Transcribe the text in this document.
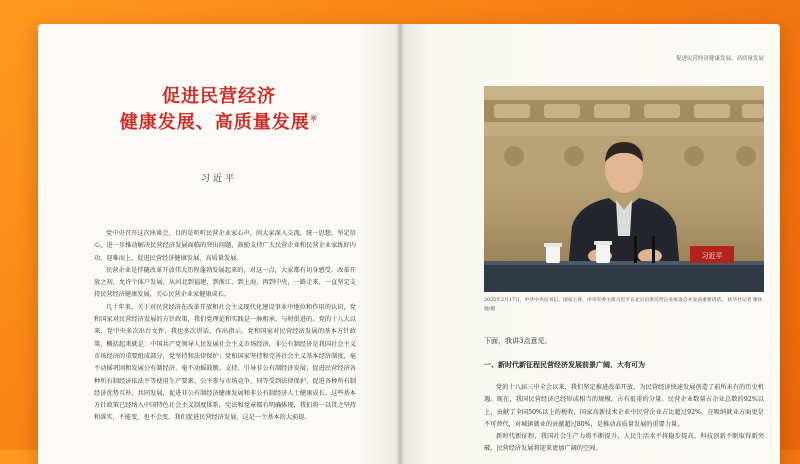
促进民营经济
健康发展、高质量发展※
习近平

党中央召开这次座谈会，目的是听听民营企业家心声，问大家深入交流，统一思想、坚定信心，进一步推动解决民营经济发展面临的突出问题，鼓励支持广大民营企业和民营企业家练好内功、迎难而上，促进民营经济健康发展、高质量发展。

民营企业是伴随改革开放伟大历程蓬勃发展起来的，对这一点，大家都有切身感受。改革开放之初，允许个体户发展，从河北到福建，到浙江、到上海，再到中央，一路走来，一直坚定支持民营经济健康发展，关心民营企业家健康成长。

几十年来，关于对民营经济在改革开放和社会主义现代化建设事业中地位和作用的认识，党和国家对民营经济发展的方针政策，我们党理论和实践是一脉相承、与时俱进的。党的十八大以来，党中央多次出台文件，我也多次讲话，作出指示。党和国家对民营经济发展的基本方针政策，概括起来就是：中国共产党领导人民发展社会主义市场经济，非公有制经济是我国社会主义市场经济的重要组成部分，党坚持和法律保护；党和国家坚持和完善社会主义基本经济制度，毫不动摇巩固和发展公有制经济，毫不动摇鼓励、支持、引导非公有制经济发展；促进民营经济各种所有制经济依法平等使用生产要素、公平参与市场竞争、同等受到法律保护，促进各种所有制经济优势互补、共同发展，促进非公有制经济健康发展和非公有制经济人士健康成长。这些基本方针政策已经纳入中国特色社会主义制度体系，宪法和党章都有明确体现，我们将一以贯之坚持和落实，不能变，也不会变。我们促进民营经济发展，这是一个基本的大前提。

促进民营经济健康发展、高质量发展
习近平
2025年2月17日，中共中央总书记、国家主席、中央军委主席习近平在北京出席民营企业座谈会并发表重要讲话。 新华社记者 谢环驰/摄
下面，我讲3点意见。
一、新时代新征程民营经济发展前景广阔、大有可为

党的十八届三中全会以来，我们坚定推进改革开放，为民营经济快速发展创造了前所未有的历史机遇。现在，我国民营经济已经形成相当的规模，占有很重的分量。民营企业数量占企业总数的92%以上，贡献了全国50%以上的税收，国家高新技术企业中民营企业占比超过92%，在吸纳就业方面更是不可替代，对城镇就业的贡献超过80%，是推动高质量发展的重要力量。

新时代新征程，我国社会生产力将不断提升，人民生活水平将稳步提高，科技创新不断取得新突破，民营经济发展将迎来更加广阔的空间。
